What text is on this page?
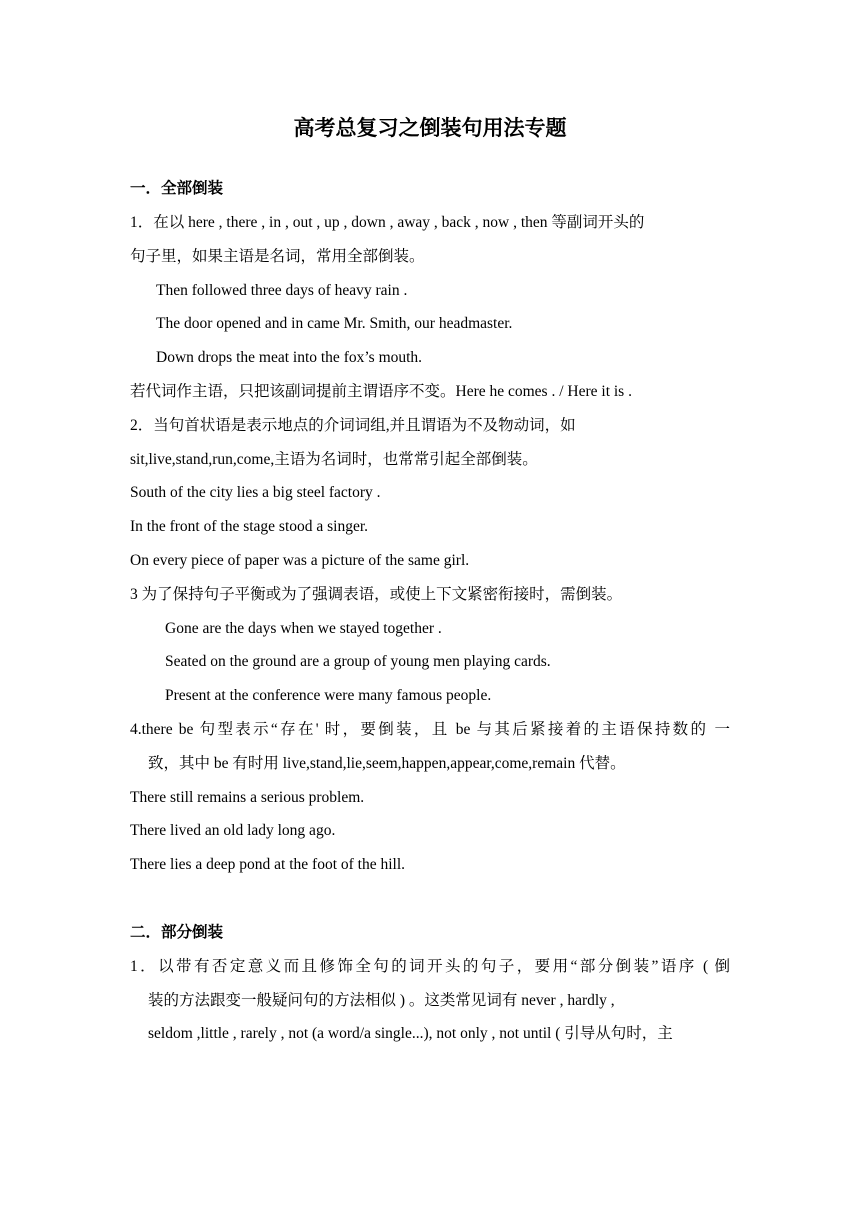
高考总复习之倒装句用法专题
一．全部倒装
1．在以 here , there , in , out , up , down , away , back , now , then 等副词开头的
句子里，如果主语是名词，常用全部倒装。
Then followed three days of heavy rain .
The door opened and in came Mr. Smith, our headmaster.
Down drops the meat into the fox’s mouth.
若代词作主语，只把该副词提前主谓语序不变。Here he comes . / Here it is .
2．当句首状语是表示地点的介词词组,并且谓语为不及物动词，如
sit,live,stand,run,come,主语为名词时，也常常引起全部倒装。
South of the city lies a big steel factory .
In the front of the stage stood a singer.
On every piece of paper was a picture of the same girl.
3 为了保持句子平衡或为了强调表语，或使上下文紧密衔接时，需倒装。
Gone are the days when we stayed together .
Seated on the ground are a group of young men playing cards.
Present at the conference were many famous people.
4.there be 句型表示“存在' 时，要倒装，且 be 与其后紧接着的主语保持数的 一
致，其中 be 有时用 live,stand,lie,seem,happen,appear,come,remain 代替。
There still remains a serious problem.
There lived an old lady long ago.
There lies a deep pond at the foot of the hill.
二．部分倒装
1．以带有否定意义而且修饰全句的词开头的句子，要用“部分倒装”语序 ( 倒
装的方法跟变一般疑问句的方法相似 ) 。这类常见词有 never , hardly ,
seldom ,little , rarely , not (a word/a single...), not only , not until ( 引导从句时，主
